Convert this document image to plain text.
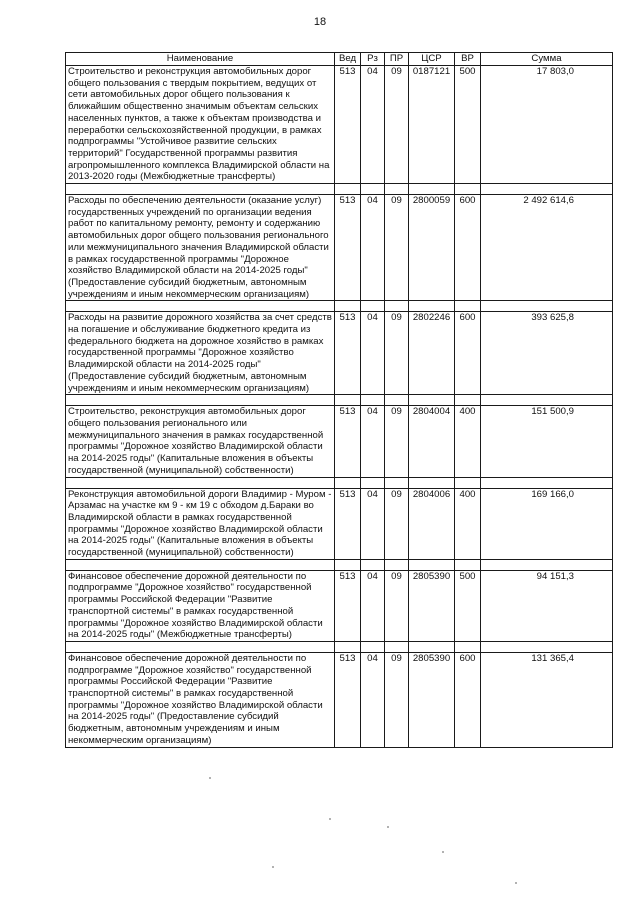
18
Наименование	Вед	Рз	ПР	ЦСР	ВР	Сумма
Строительство и реконструкция автомобильных дорог общего пользования с твердым покрытием, ведущих от сети автомобильных дорог общего пользования к ближайшим общественно значимым объектам сельских населенных пунктов, а также к объектам производства и переработки сельскохозяйственной продукции, в рамках подпрограммы "Устойчивое развитие сельских территорий" Государственной программы развития агропромышленного комплекса Владимирской области на 2013-2020 годы (Межбюджетные трансферты)	513	04	09	0187121	500	17 803,0

Расходы по обеспечению деятельности (оказание услуг) государственных учреждений по организации ведения работ по капитальному ремонту, ремонту и содержанию автомобильных дорог общего пользования регионального или межмуниципального значения Владимирской области в рамках государственной программы "Дорожное хозяйство Владимирской области на 2014-2025 годы" (Предоставление субсидий бюджетным, автономным учреждениям и иным некоммерческим организациям)	513	04	09	2800059	600	2 492 614,6

Расходы на развитие дорожного хозяйства за счет средств на погашение и обслуживание бюджетного кредита из федерального бюджета на дорожное хозяйство в рамках государственной программы "Дорожное хозяйство Владимирской области на 2014-2025 годы" (Предоставление субсидий бюджетным, автономным учреждениям и иным некоммерческим организациям)	513	04	09	2802246	600	393 625,8

Строительство, реконструкция автомобильных дорог общего пользования регионального или межмуниципального значения в рамках государственной программы "Дорожное хозяйство Владимирской области на 2014-2025 годы" (Капитальные вложения в объекты государственной (муниципальной) собственности)	513	04	09	2804004	400	151 500,9

Реконструкция автомобильной дороги Владимир - Муром - Арзамас на участке км 9 - км 19 с обходом д.Бараки во Владимирской области в рамках государственной программы "Дорожное хозяйство Владимирской области на 2014-2025 годы" (Капитальные вложения в объекты государственной (муниципальной) собственности)	513	04	09	2804006	400	169 166,0

Финансовое обеспечение дорожной деятельности по подпрограмме "Дорожное хозяйство" государственной программы Российской Федерации "Развитие транспортной системы" в рамках государственной программы "Дорожное хозяйство Владимирской области на 2014-2025 годы" (Межбюджетные трансферты)	513	04	09	2805390	500	94 151,3

Финансовое обеспечение дорожной деятельности по подпрограмме "Дорожное хозяйство" государственной программы Российской Федерации "Развитие транспортной системы" в рамках государственной программы "Дорожное хозяйство Владимирской области на 2014-2025 годы" (Предоставление субсидий бюджетным, автономным учреждениям и иным некоммерческим организациям)	513	04	09	2805390	600	131 365,4
